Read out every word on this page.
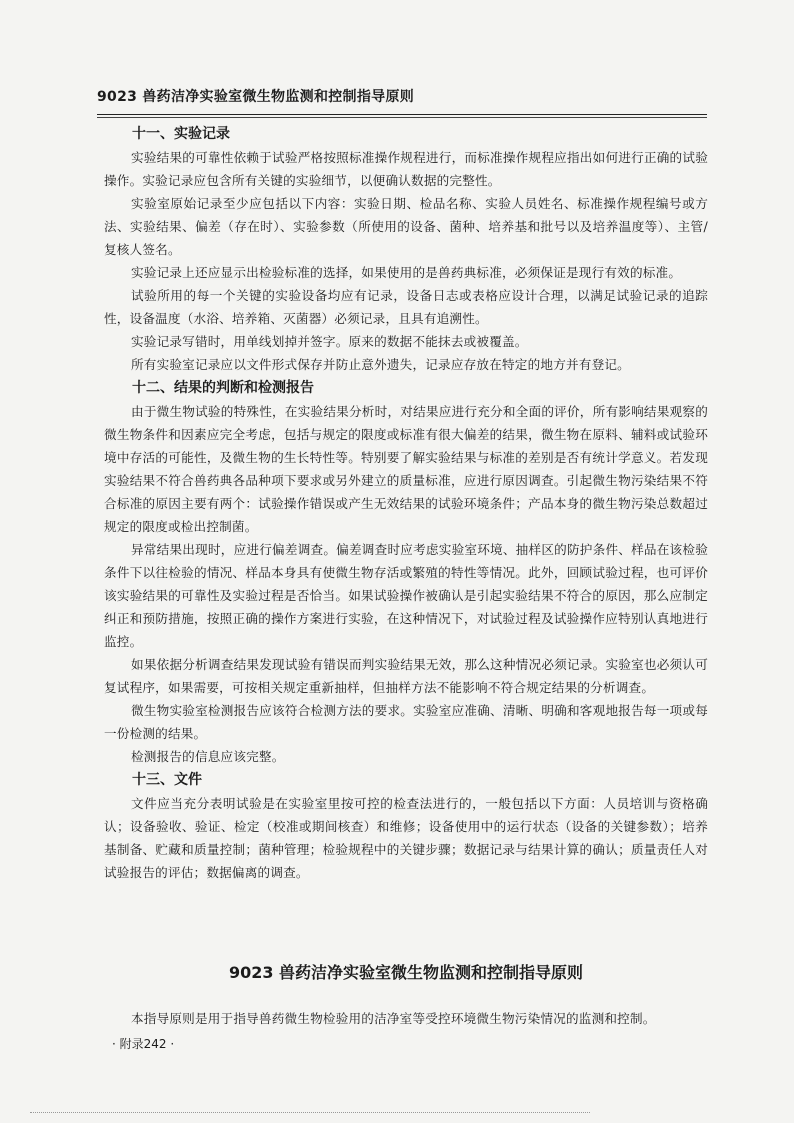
9023 兽药洁净实验室微生物监测和控制指导原则
十一、实验记录

实验结果的可靠性依赖于试验严格按照标准操作规程进行，而标准操作规程应指出如何进行正确的试验操作。实验记录应包含所有关键的实验细节，以便确认数据的完整性。

实验室原始记录至少应包括以下内容：实验日期、检品名称、实验人员姓名、标准操作规程编号或方法、实验结果、偏差（存在时）、实验参数（所使用的设备、菌种、培养基和批号以及培养温度等）、主管/复核人签名。

实验记录上还应显示出检验标准的选择，如果使用的是兽药典标准，必须保证是现行有效的标准。

试验所用的每一个关键的实验设备均应有记录，设备日志或表格应设计合理，以满足试验记录的追踪性，设备温度（水浴、培养箱、灭菌器）必须记录，且具有追溯性。

实验记录写错时，用单线划掉并签字。原来的数据不能抹去或被覆盖。

所有实验室记录应以文件形式保存并防止意外遗失，记录应存放在特定的地方并有登记。

十二、结果的判断和检测报告

由于微生物试验的特殊性，在实验结果分析时，对结果应进行充分和全面的评价，所有影响结果观察的微生物条件和因素应完全考虑，包括与规定的限度或标准有很大偏差的结果，微生物在原料、辅料或试验环境中存活的可能性，及微生物的生长特性等。特别要了解实验结果与标准的差别是否有统计学意义。若发现实验结果不符合兽药典各品种项下要求或另外建立的质量标准，应进行原因调查。引起微生物污染结果不符合标准的原因主要有两个：试验操作错误或产生无效结果的试验环境条件；产品本身的微生物污染总数超过规定的限度或检出控制菌。

异常结果出现时，应进行偏差调查。偏差调查时应考虑实验室环境、抽样区的防护条件、样品在该检验条件下以往检验的情况、样品本身具有使微生物存活或繁殖的特性等情况。此外，回顾试验过程，也可评价该实验结果的可靠性及实验过程是否恰当。如果试验操作被确认是引起实验结果不符合的原因，那么应制定纠正和预防措施，按照正确的操作方案进行实验，在这种情况下，对试验过程及试验操作应特别认真地进行监控。

如果依据分析调查结果发现试验有错误而判实验结果无效，那么这种情况必须记录。实验室也必须认可复试程序，如果需要，可按相关规定重新抽样，但抽样方法不能影响不符合规定结果的分析调查。

微生物实验室检测报告应该符合检测方法的要求。实验室应准确、清晰、明确和客观地报告每一项或每一份检测的结果。

检测报告的信息应该完整。

十三、文件

文件应当充分表明试验是在实验室里按可控的检查法进行的，一般包括以下方面：人员培训与资格确认；设备验收、验证、检定（校准或期间核查）和维修；设备使用中的运行状态（设备的关键参数）；培养基制备、贮藏和质量控制；菌种管理；检验规程中的关键步骤；数据记录与结果计算的确认；质量责任人对试验报告的评估；数据偏离的调查。

9023 兽药洁净实验室微生物监测和控制指导原则

本指导原则是用于指导兽药微生物检验用的洁净室等受控环境微生物污染情况的监测和控制。

· 附录242 ·
